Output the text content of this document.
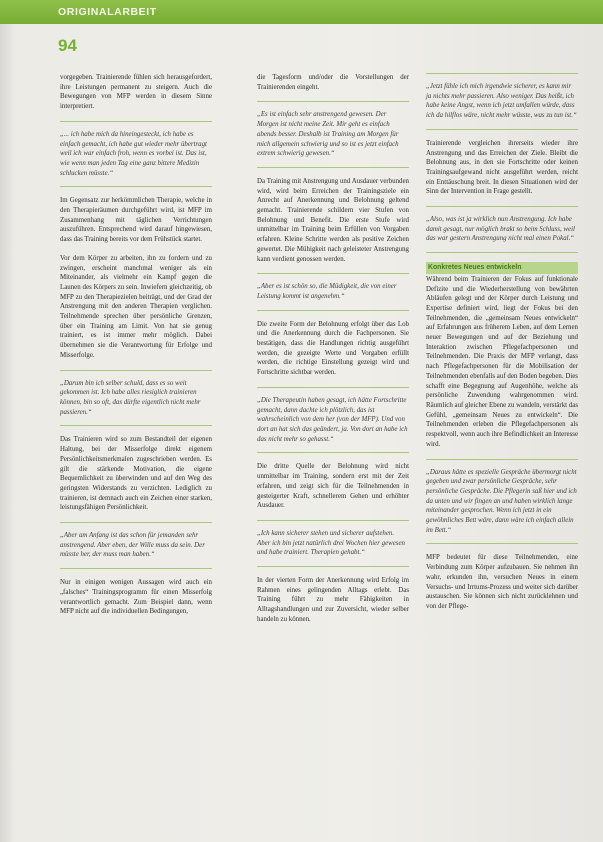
ORIGINALARBEIT
94
vorgegeben. Trainierende fühlen sich herausgefordert, ihre Leistungen permanent zu steigern. Auch die Bewegungen von MFP werden in diesem Sinne interpretiert.
„... ich habe mich da hineingesteckt, ich habe es einfach gemacht, ich habe gut wieder mehr übertragt weil ich war einfach froh, wenn es vorbei ist. Das ist, wie wenn man jeden Tag eine ganz bittere Medizin schlucken müsste.“
Im Gegensatz zur herkömmlichen Therapie, welche in den Therapieräumen durchgeführt wird, ist MFP im Zusammenhang mit täglichen Verrichtungen auszuführen. Entsprechend wird darauf hingewiesen, dass das Training bereits vor dem Frühstück startet.
Vor dem Körper zu arbeiten, ihn zu fordern und zu zwingen, erscheint manchmal weniger als ein Miteinander, als vielmehr ein Kampf gegen die Launen des Körpers zu sein. Inwiefern gleichzeitig, ob MFP zu den Therapiezielen beiträgt, und der Grad der Anstrengung mit den anderen Therapien verglichen. Teilnehmende sprechen über persönliche Grenzen, über ein Training am Limit. Von hat sie genug trainiert, es ist immer mehr möglich. Dabei übernehmen sie die Verantwortung für Erfolge und Misserfolge.
„Darum bin ich selber schuld, dass es so weit gekommen ist. Ich habe alles riesiglich trainieren können, bin so oft, das dürfte eigentlich nicht mehr passieren.“
Das Trainieren wird so zum Bestandteil der eigenen Haltung, bei der Misserfolge direkt eigenem Persönlichkeitsmerkmalen zugeschrieben werden. Es gilt die stärkende Motivation, die eigene Bequemlichkeit zu überwinden und auf den Weg des geringsten Widerstands zu verzichten. Lediglich zu trainieren, ist demnach auch ein Zeichen einer starken, leistungsfähigen Persönlichkeit.
„Aber am Anfang ist das schon für jemanden sehr anstrengend. Aber eben, der Wille muss da sein. Der müsste her, der muss man haben.“
Nur in einigen wenigen Aussagen wird auch ein „falsches“ Trainingsprogramm für einen Misserfolg verantwortlich gemacht. Zum Beispiel dann, wenn MFP nicht auf die individuellen Bedingungen,
die Tagesform und/oder die Vorstellungen der Trainierenden eingeht.
„Es ist einfach sehr anstrengend gewesen. Der Morgen ist nicht meine Zeit. Mir geht es einfach abends besser. Deshalb ist Training am Morgen für mich allgemein schwierig und so ist es jetzt einfach extrem schwierig gewesen.“
Da Training mit Anstrengung und Ausdauer verbunden wird, wird beim Erreichen der Trainingsziele ein Anrecht auf Anerkennung und Belohnung geltend gemacht. Trainierende schildern vier Stufen von Belohnung und Benefit. Die erste Stufe wird unmittelbar im Training beim Erfüllen von Vorgaben erfahren. Kleine Schritte werden als positive Zeichen gewertet. Die Mühigkeit nach geleisteter Anstrengung kann verdient genossen werden.
„Aber es ist schön so, die Müdigkeit, die von einer Leistung kommt ist angenehm.“
Die zweite Form der Belohnung erfolgt über das Lob und die Anerkennung durch die Fachpersonen. Sie bestätigen, dass die Handlungen richtig ausgeführt werden, die gezeigte Werte und Vorgaben erfüllt werden, die richtige Einstellung gezeigt wird und Fortschritte sichtbar werden.
„Die Therapeutin haben gesagt, ich hätte Fortschritte gemacht, dann dachte ich plötzlich, das ist wahrscheinlich von dem her (von der MFP). Und von dort an hat sich das geändert, ja. Von dort an habe ich das nicht mehr so gehasst.“
Die dritte Quelle der Belohnung wird nicht unmittelbar im Training, sondern erst mit der Zeit erfahren, und zeigt sich für die Teilnehmenden in gesteigerter Kraft, schnellerem Gehen und erhöhter Ausdauer.
„Ich kann sicherer stehen und sicherer aufstehen. Aber ich bin jetzt natürlich drei Wochen hier gewesen und habe trainiert. Therapien gehabt.“
In der vierten Form der Anerkennung wird Erfolg im Rahmen eines gelingenden Alltags erlebt. Das Training führt zu mehr Fähigkeiten in Alltagshandlungen und zur Zuversicht, wieder selber handeln zu können.
„Jetzt fühle ich mich irgendwie sicherer, es kann mir ja nichts mehr passieren. Also weniger. Das heißt, ich habe keine Angst, wenn ich jetzt umfallen würde, dass ich da hilflos wäre, nicht mehr wüsste, was zu tun ist.“
Trainierende vergleichen ihrerseits wieder ihre Anstrengung und das Erreichen der Ziele. Bleibt die Belohnung aus, in den sie Fortschritte oder keinen Trainingsaufgewand nicht ausgeführt werden, reicht ein Enttäuschung breit. In diesen Situationen wird der Sinn der Intervention in Frage gestellt.
„Also, was ist ja wirklich nun Anstrengung. Ich habe damit gesagt, nur möglich brakt so beim Schluss, weil das war gestern Anstrengung nicht mal einen Pokal.“
Konkretes Neues entwickeln
Während beim Trainieren der Fokus auf funktionale Defizite und die Wiederherstellung von bewährten Abläufen gelegt und der Körper durch Leistung und Expertise definiert wird, liegt der Fokus bei den Teilnehmenden, die „gemeinsam Neues entwickeln“ auf Erfahrungen aus früherem Leben, auf dem Lernen neuer Bewegungen und auf der Beziehung und Interaktion zwischen Pflegefachpersonen und Teilnehmenden. Die Praxis der MFP verlangt, dass nach Pflegefachpersonen für die Mobilisation der Teilnehmenden ebenfalls auf den Boden begeben. Dies schafft eine Begegnung auf Augenhöhe, welche als persönliche Zuwendung wahrgenommen wird. Räumlich auf gleicher Ebene zu wandeln, verstärkt das Gefühl, „gemeinsam Neues zu entwickeln“. Die Teilnehmenden erleben die Pflegefachpersonen als respektvoll, wenn auch ihre Befindlichkeit an Interesse wird.
„Daraus hätte es spezielle Gespräche übermorgt nicht gegeben und zwar persönliche Gespräche, sehr persönliche Gespräche. Die Pflegerin saß hier und ich da unten und wir fingen an und haben wirklich lange miteinander gesprochen. Wenn ich jetzt in ein gewöhnliches Bett wäre, dann wäre ich einfach allein im Bett.“
MFP bedeutet für diese Teilnehmenden, eine Verbindung zum Körper aufzubauen. Sie nehmen ihn wahr, erkunden ihn, versuchen Neues in einem Versuchs- und Irrtums-Prozess und weiter sich darüber austauschen. Sie können sich nicht zurücklehnen und von der Pflege-
